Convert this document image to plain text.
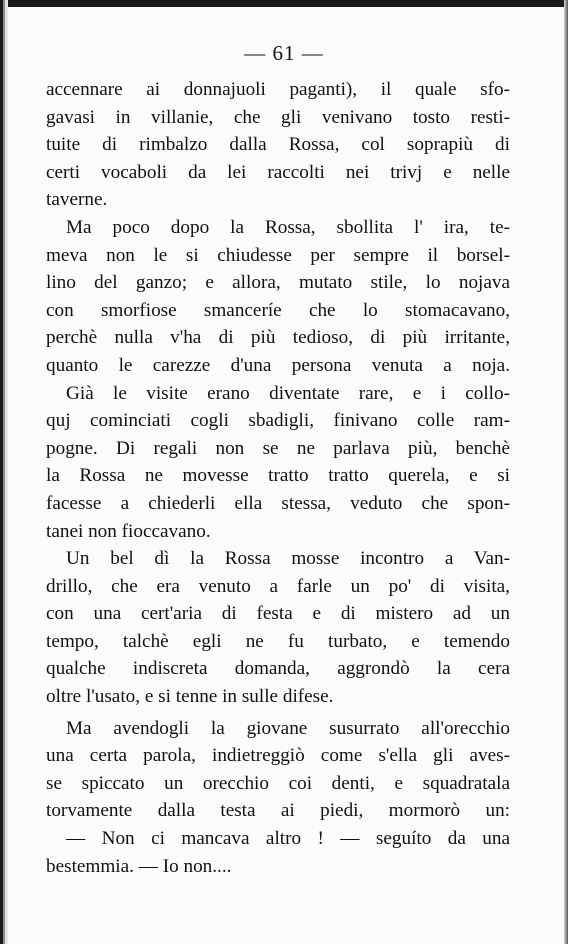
— 61 —
accennare ai donnajuoli paganti), il quale sfo-
gavasi in villanie, che gli venivano tosto resti-
tuite di rimbalzo dalla Rossa, col soprapiù di
certi vocaboli da lei raccolti nei trivj e nelle
taverne.
Ma poco dopo la Rossa, sbollita l' ira, te-
meva non le si chiudesse per sempre il borsel-
lino del ganzo; e allora, mutato stile, lo nojava
con smorfiose smanceríe che lo stomacavano,
perchè nulla v'ha di più tedioso, di più irritante,
quanto le carezze d'una persona venuta a noja.
Già le visite erano diventate rare, e i collo-
quj cominciati cogli sbadigli, finivano colle ram-
pogne. Di regali non se ne parlava più, benchè
la Rossa ne movesse tratto tratto querela, e si
facesse a chiederli ella stessa, veduto che spon-
tanei non fioccavano.
Un bel dì la Rossa mosse incontro a Van-
drillo, che era venuto a farle un po' di visita,
con una cert'aria di festa e di mistero ad un
tempo, talchè egli ne fu turbato, e temendo
qualche indiscreta domanda, aggrondò la cera
oltre l'usato, e si tenne in sulle difese.
Ma avendogli la giovane susurrato all'orecchio
una certa parola, indietreggiò come s'ella gli aves-
se spiccato un orecchio coi denti, e squadratala
torvamente dalla testa ai piedi, mormorò un:
— Non ci mancava altro ! — seguíto da una
bestemmia. — Io non....
